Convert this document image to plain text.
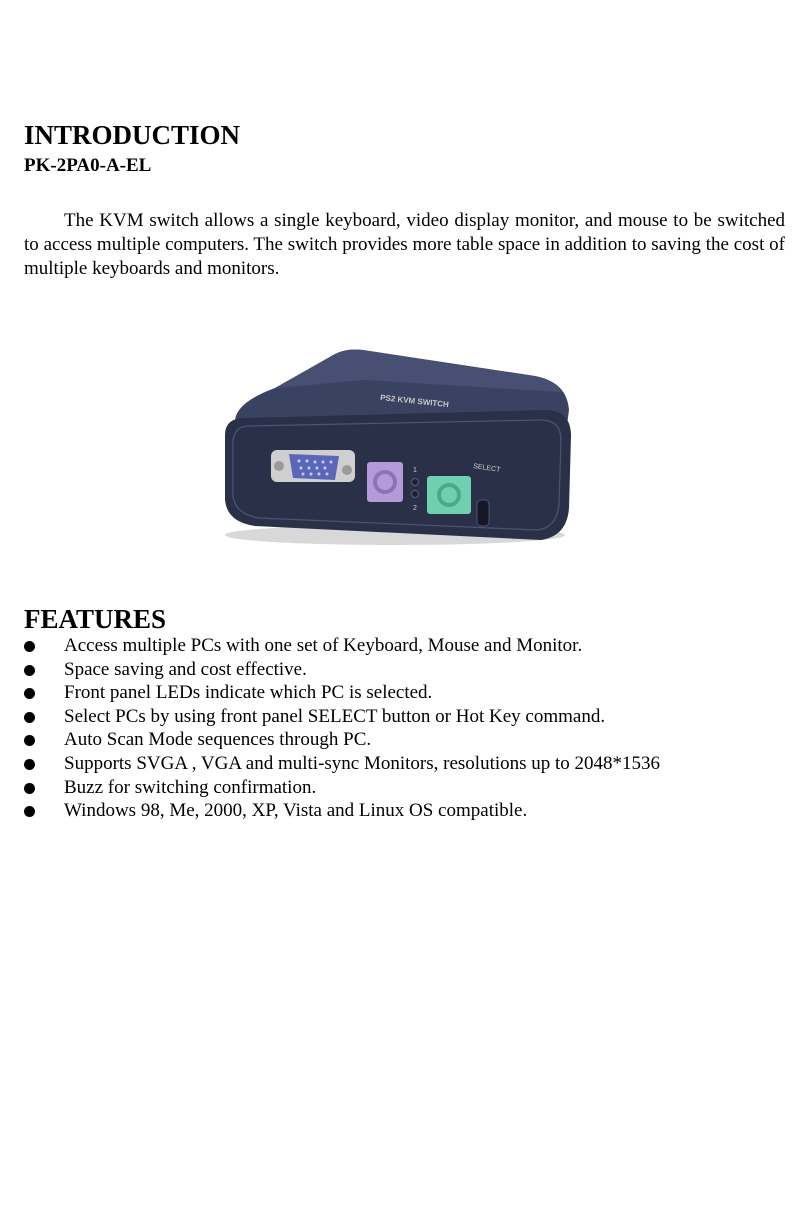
INTRODUCTION
PK-2PA0-A-EL

The KVM switch allows a single keyboard, video display monitor, and mouse to be switched to access multiple computers. The switch provides more table space in addition to saving the cost of multiple keyboards and monitors.

PS2 KVM SWITCH
1
2
SELECT
FEATURES
Access multiple PCs with one set of Keyboard, Mouse and Monitor.
Space saving and cost effective.
Front panel LEDs indicate which PC is selected.
Select PCs by using front panel SELECT button or Hot Key command.
Auto Scan Mode sequences through PC.
Supports SVGA , VGA and multi-sync Monitors, resolutions up to 2048*1536
Buzz for switching confirmation.
Windows 98, Me, 2000, XP, Vista and Linux OS compatible.
